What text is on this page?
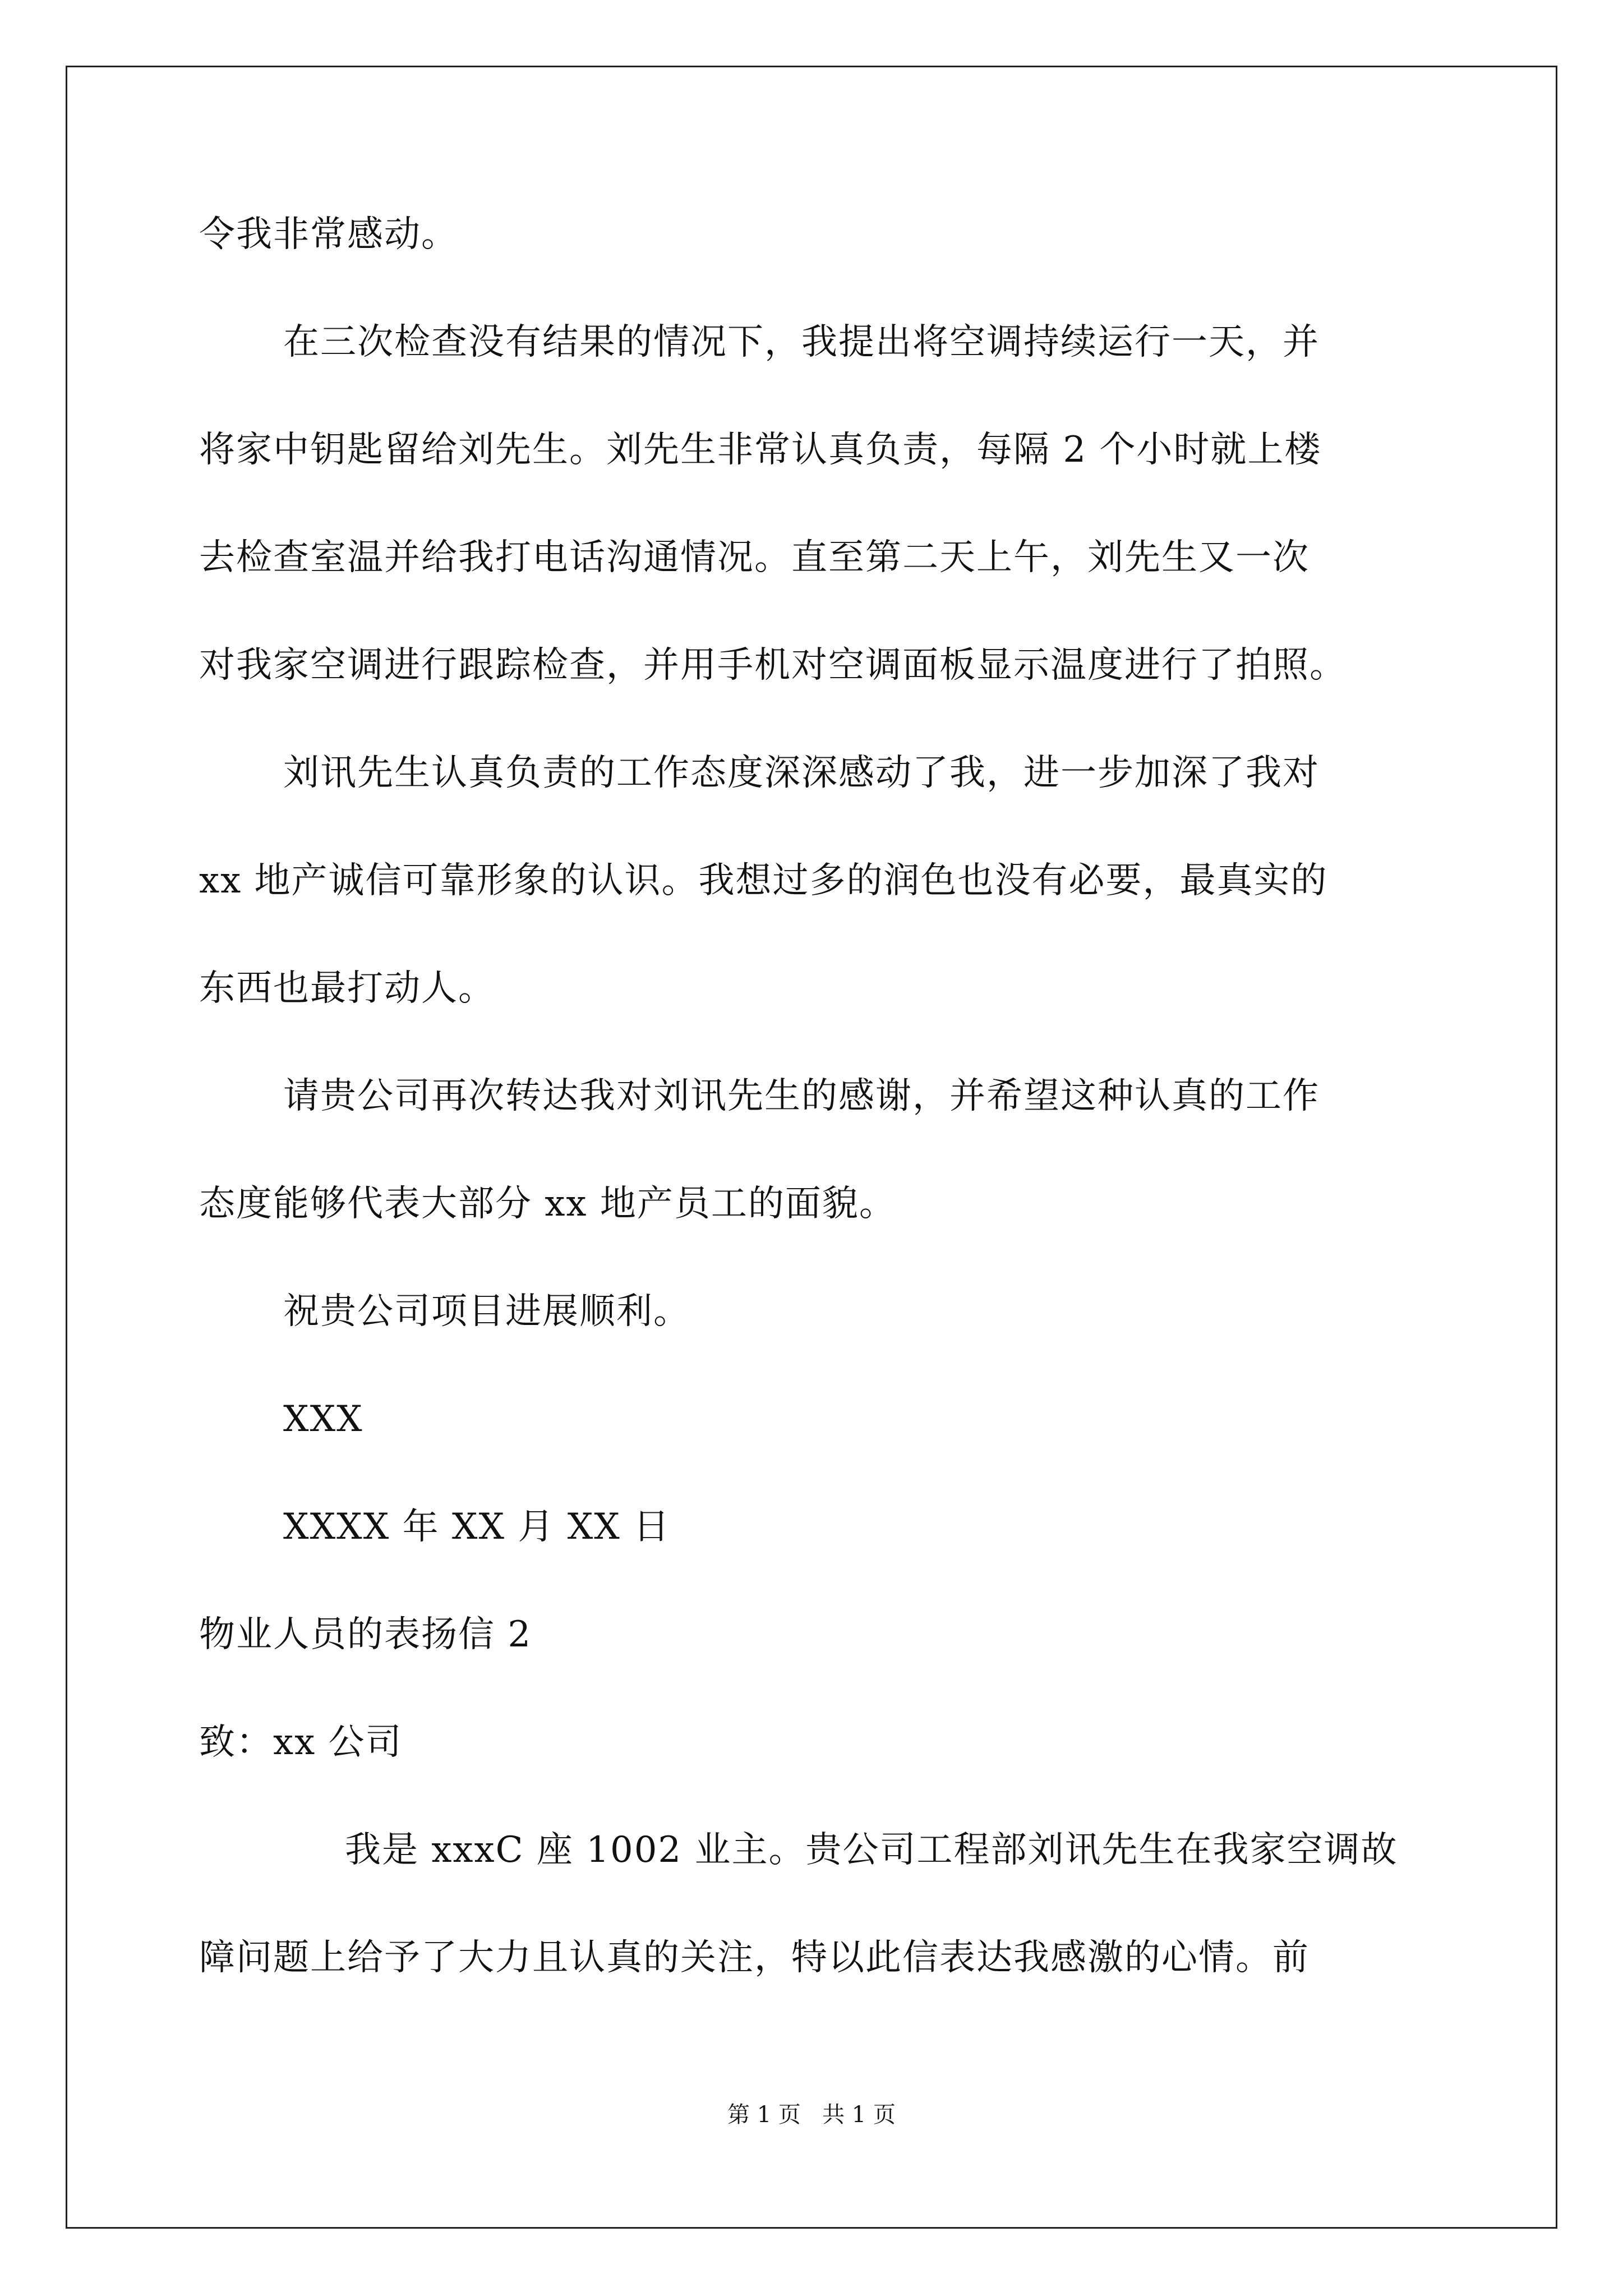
令我非常感动。
在三次检查没有结果的情况下，我提出将空调持续运行一天，并
将家中钥匙留给刘先生。刘先生非常认真负责，每隔 2 个小时就上楼
去检查室温并给我打电话沟通情况。直至第二天上午，刘先生又一次
对我家空调进行跟踪检查，并用手机对空调面板显示温度进行了拍照。
刘讯先生认真负责的工作态度深深感动了我，进一步加深了我对
xx 地产诚信可靠形象的认识。我想过多的润色也没有必要，最真实的
东西也最打动人。
请贵公司再次转达我对刘讯先生的感谢，并希望这种认真的工作
态度能够代表大部分 xx 地产员工的面貌。
祝贵公司项目进展顺利。
XXX
XXXX 年 XX 月 XX 日
物业人员的表扬信 2
致：xx 公司
我是 xxxC 座 1002 业主。贵公司工程部刘讯先生在我家空调故
障问题上给予了大力且认真的关注，特以此信表达我感激的心情。前
第 1 页   共 1 页
